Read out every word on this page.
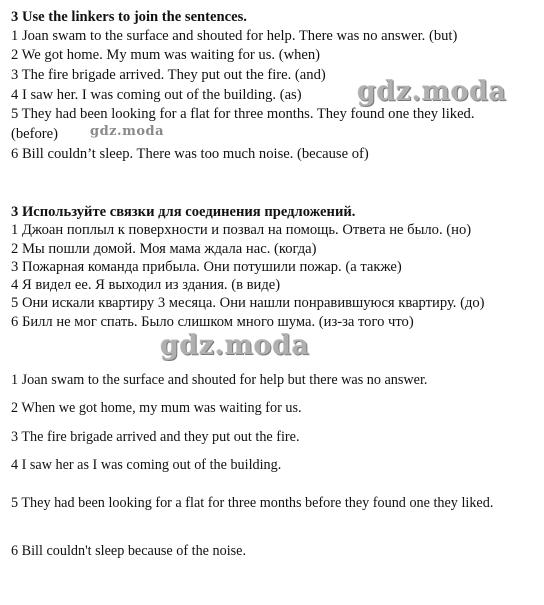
3 Use the linkers to join the sentences.
1 Joan swam to the surface and shouted for help. There was no answer. (but)
2 We got home. My mum was waiting for us. (when)
3 The fire brigade arrived. They put out the fire. (and)
4 I saw her. I was coming out of the building. (as)
5 They had been looking for a flat for three months. They found one they liked.
(before)
6 Bill couldn’t sleep. There was too much noise. (because of)
gdz.moda
gdz.moda
3 Используйте связки для соединения предложений.
1 Джоан поплыл к поверхности и позвал на помощь. Ответа не было. (но)
2 Мы пошли домой. Моя мама ждала нас. (когда)
3 Пожарная команда прибыла. Они потушили пожар. (а также)
4 Я видел ее. Я выходил из здания. (в виде)
5 Они искали квартиру 3 месяца. Они нашли понравившуюся квартиру. (до)
6 Билл не мог спать. Было слишком много шума. (из-за того что)
gdz.moda
1 Joan swam to the surface and shouted for help but there was no answer.
2 When we got home, my mum was waiting for us.
3 The fire brigade arrived and they put out the fire.
4 I saw her as I was coming out of the building.
5 They had been looking for a flat for three months before they found one they liked.
6 Bill couldn't sleep because of the noise.
